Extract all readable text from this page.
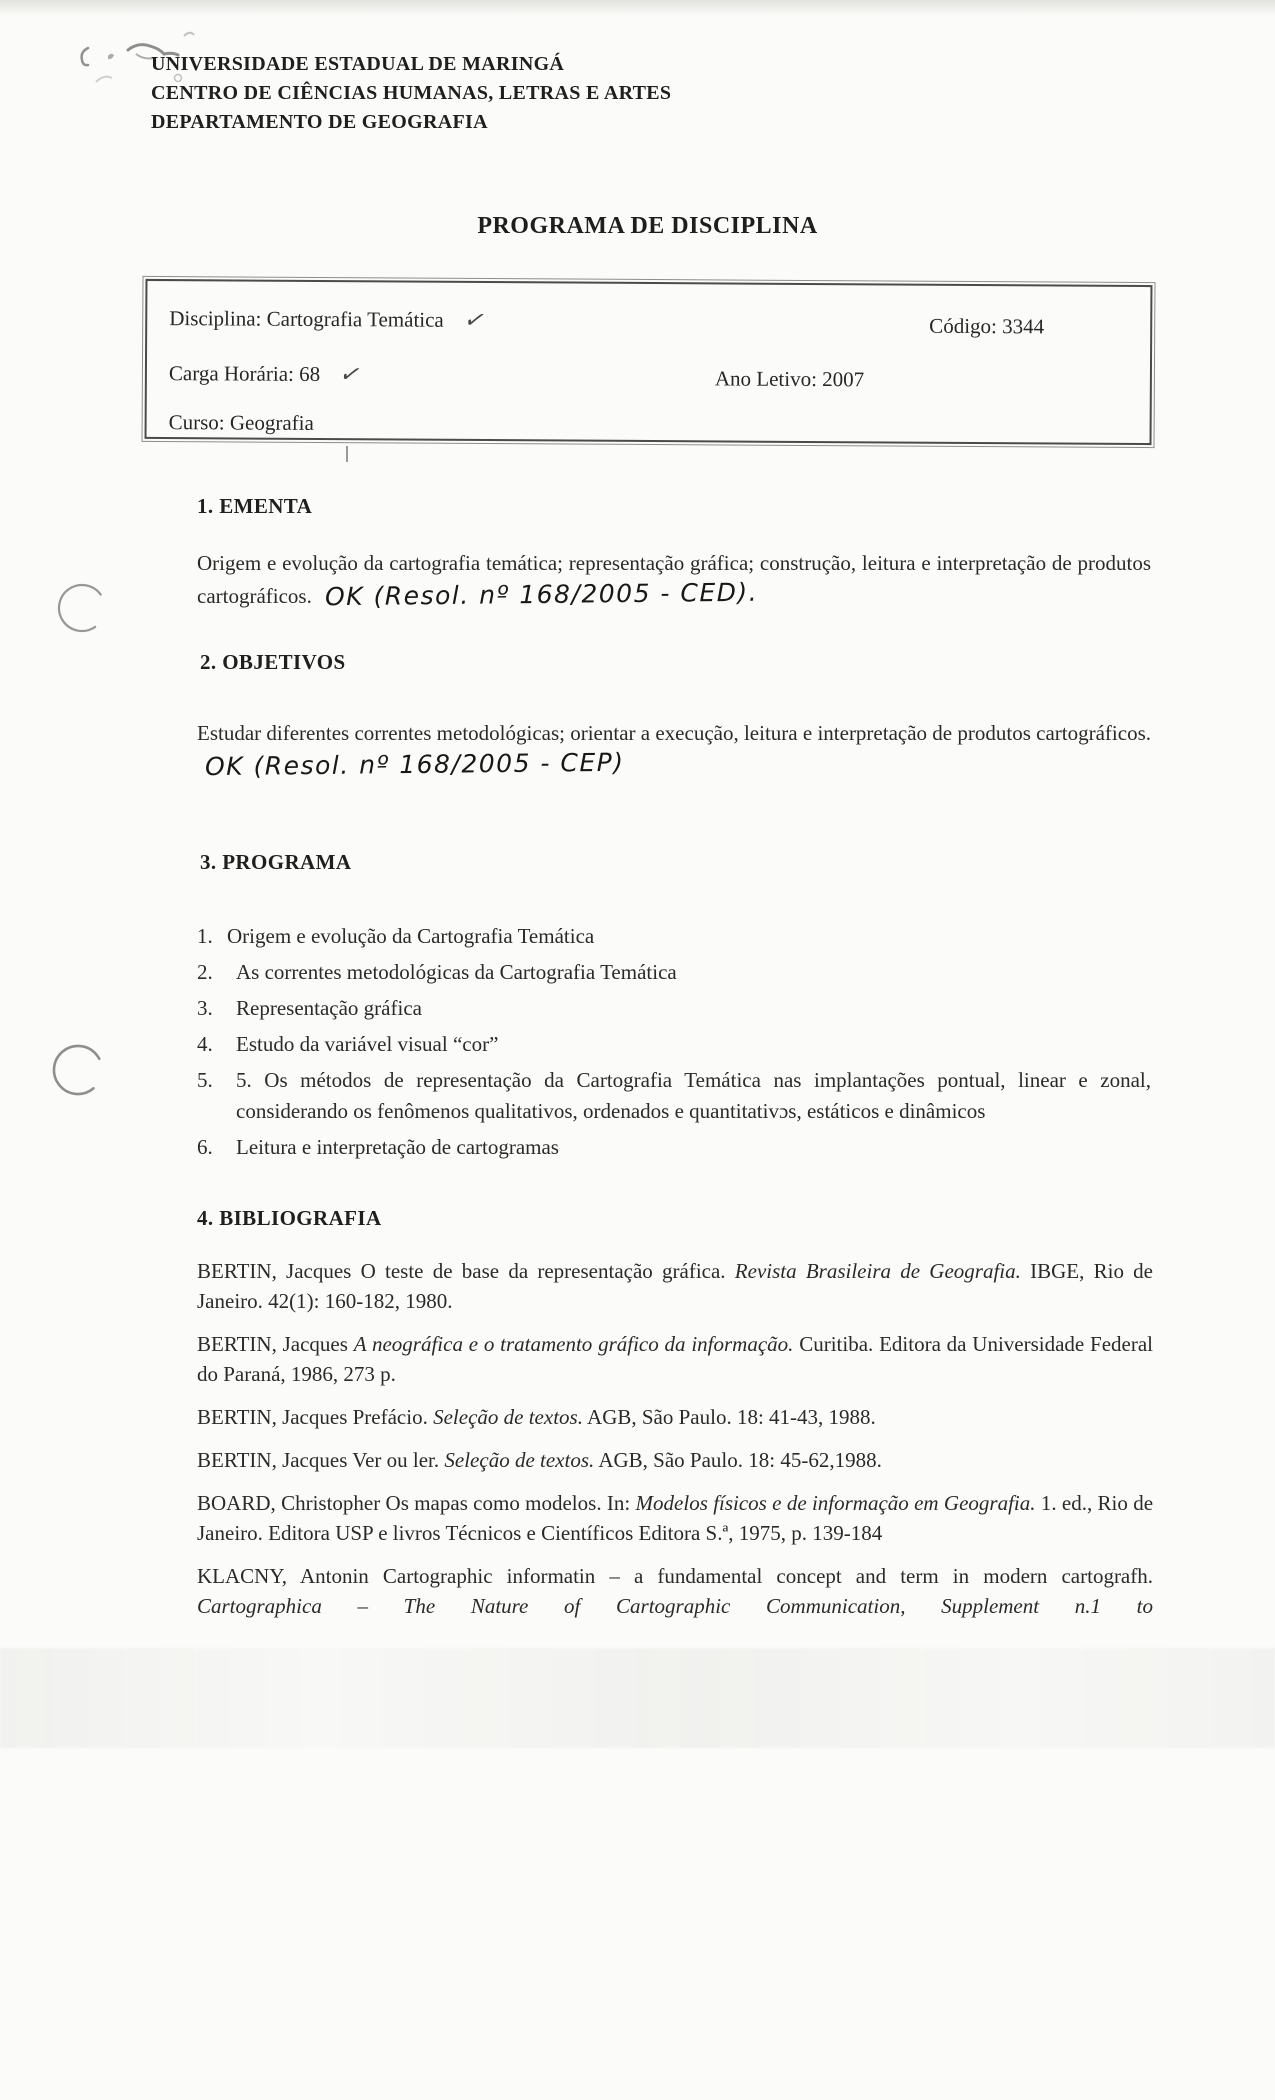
UNIVERSIDADE ESTADUAL DE MARINGÁ
CENTRO DE CIÊNCIAS HUMANAS, LETRAS E ARTES
DEPARTAMENTO DE GEOGRAFIA
PROGRAMA DE DISCIPLINA
Disciplina: Cartografia Temática ✓	Código: 3344
Carga Horária: 68 ✓	Ano Letivo: 2007
Curso: Geografia
1. EMENTA

Origem e evolução da cartografia temática; representação gráfica; construção, leitura e interpretação de produtos cartográficos. OK (Resol. nº 168/2005 - CED).

2. OBJETIVOS

Estudar diferentes correntes metodológicas; orientar a execução, leitura e interpretação de produtos cartográficos. OK (Resol. nº 168/2005 - CEP)

3. PROGRAMA
1. Origem e evolução da Cartografia Temática
2. As correntes metodológicas da Cartografia Temática
3. Representação gráfica
4. Estudo da variável visual “cor”
5. 5. Os métodos de representação da Cartografia Temática nas implantações pontual, linear e zonal, considerando os fenômenos qualitativos, ordenados e quantitativɔs, estáticos e dinâmicos
6. Leitura e interpretação de cartogramas
4. BIBLIOGRAFIA

BERTIN, Jacques O teste de base da representação gráfica. Revista Brasileira de Geografia. IBGE, Rio de Janeiro. 42(1): 160-182, 1980.

BERTIN, Jacques A neográfica e o tratamento gráfico da informação. Curitiba. Editora da Universidade Federal do Paraná, 1986, 273 p.

BERTIN, Jacques Prefácio. Seleção de textos. AGB, São Paulo. 18: 41-43, 1988.

BERTIN, Jacques Ver ou ler. Seleção de textos. AGB, São Paulo. 18: 45-62,1988.

BOARD, Christopher Os mapas como modelos. In: Modelos físicos e de informação em Geografia. 1. ed., Rio de Janeiro. Editora USP e livros Técnicos e Científicos Editora S.ª, 1975, p. 139-184

KLACNY, Antonin Cartographic informatin – a fundamental concept and term in modern cartografh. Cartographica – The Nature of Cartographic Communication, Supplement n.1 to
